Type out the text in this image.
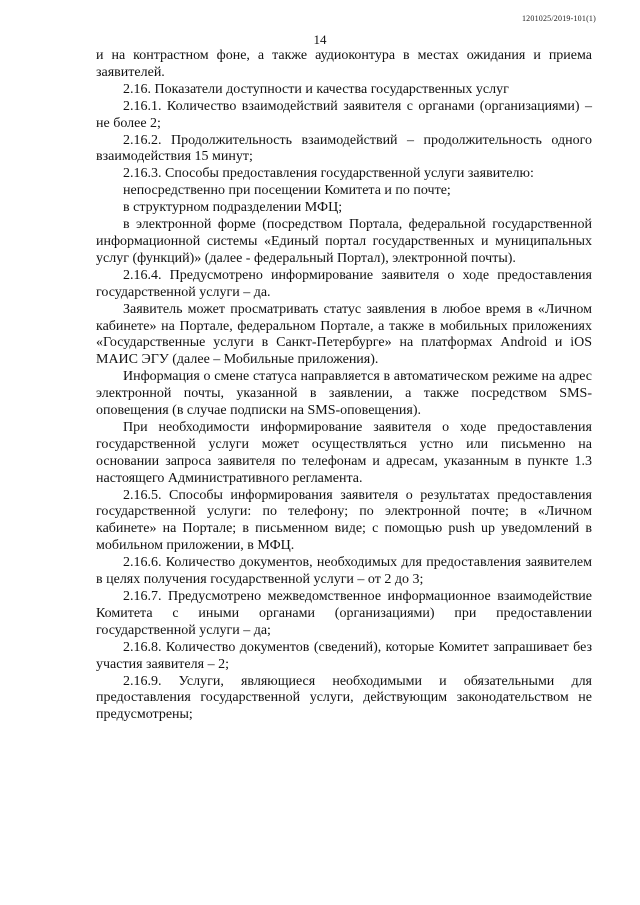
1201025/2019-101(1)
14

и на контрастном фоне, а также аудиоконтура в местах ожидания и приема заявителей.

2.16. Показатели доступности и качества государственных услуг

2.16.1. Количество взаимодействий заявителя с органами (организациями) – не более 2;

2.16.2. Продолжительность взаимодействий – продолжительность одного взаимодействия 15 минут;

2.16.3. Способы предоставления государственной услуги заявителю:

непосредственно при посещении Комитета и по почте;

в структурном подразделении МФЦ;

в электронной форме (посредством Портала, федеральной государственной информационной системы «Единый портал государственных и муниципальных услуг (функций)» (далее - федеральный Портал), электронной почты).

2.16.4. Предусмотрено информирование заявителя о ходе предоставления государственной услуги – да.

Заявитель может просматривать статус заявления в любое время в «Личном кабинете» на Портале, федеральном Портале, а также в мобильных приложениях «Государственные услуги в Санкт-Петербурге» на платформах Android и iOS МАИС ЭГУ (далее – Мобильные приложения).

Информация о смене статуса направляется в автоматическом режиме на адрес электронной почты, указанной в заявлении, а также посредством SMS-оповещения (в случае подписки на SMS-оповещения).

При необходимости информирование заявителя о ходе предоставления государственной услуги может осуществляться устно или письменно на основании запроса заявителя по телефонам и адресам, указанным в пункте 1.3 настоящего Административного регламента.

2.16.5. Способы информирования заявителя о результатах предоставления государственной услуги: по телефону; по электронной почте; в «Личном кабинете» на Портале; в письменном виде; с помощью push up уведомлений в мобильном приложении, в МФЦ.

2.16.6. Количество документов, необходимых для предоставления заявителем в целях получения государственной услуги – от 2 до 3;

2.16.7. Предусмотрено межведомственное информационное взаимодействие Комитета с иными органами (организациями) при предоставлении государственной услуги – да;

2.16.8. Количество документов (сведений), которые Комитет запрашивает без участия заявителя – 2;

2.16.9. Услуги, являющиеся необходимыми и обязательными для предоставления государственной услуги, действующим законодательством не предусмотрены;
